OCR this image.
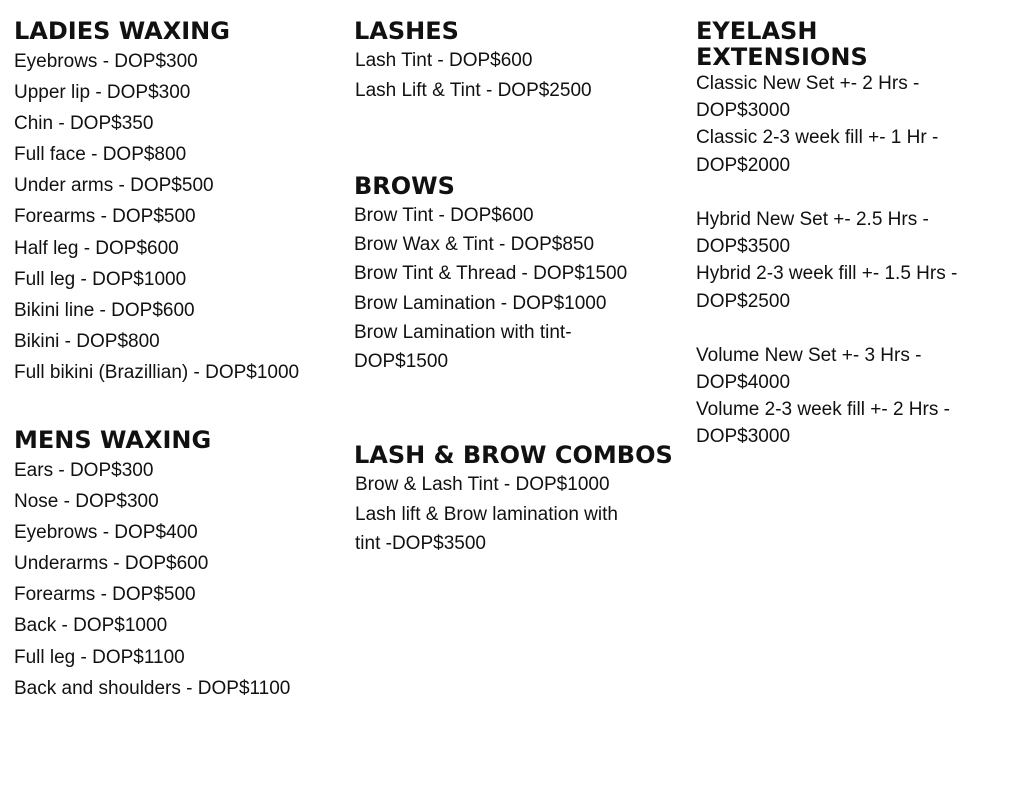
LADIES WAXING
Eyebrows - DOP$300
Upper lip - DOP$300
Chin - DOP$350
Full face - DOP$800
Under arms - DOP$500
Forearms - DOP$500
Half leg - DOP$600
Full leg - DOP$1000
Bikini line - DOP$600
Bikini - DOP$800
Full bikini (Brazillian) - DOP$1000
MENS WAXING
Ears - DOP$300
Nose - DOP$300
Eyebrows - DOP$400
Underarms - DOP$600
Forearms - DOP$500
Back - DOP$1000
Full leg - DOP$1100
Back and shoulders - DOP$1100
LASHES
Lash Tint - DOP$600
Lash Lift & Tint - DOP$2500
BROWS
Brow Tint - DOP$600
Brow Wax & Tint - DOP$850
Brow Tint & Thread - DOP$1500
Brow Lamination - DOP$1000
Brow Lamination with tint-
DOP$1500
LASH & BROW COMBOS
Brow & Lash Tint - DOP$1000
Lash lift & Brow lamination with
tint -DOP$3500
EYELASH
EXTENSIONS
Classic New Set +- 2 Hrs -
DOP$3000
Classic 2-3 week fill +- 1 Hr -
DOP$2000
Hybrid New Set +- 2.5 Hrs -
DOP$3500
Hybrid 2-3 week fill +- 1.5 Hrs -
DOP$2500
Volume New Set +- 3 Hrs -
DOP$4000
Volume 2-3 week fill +- 2 Hrs -
DOP$3000
